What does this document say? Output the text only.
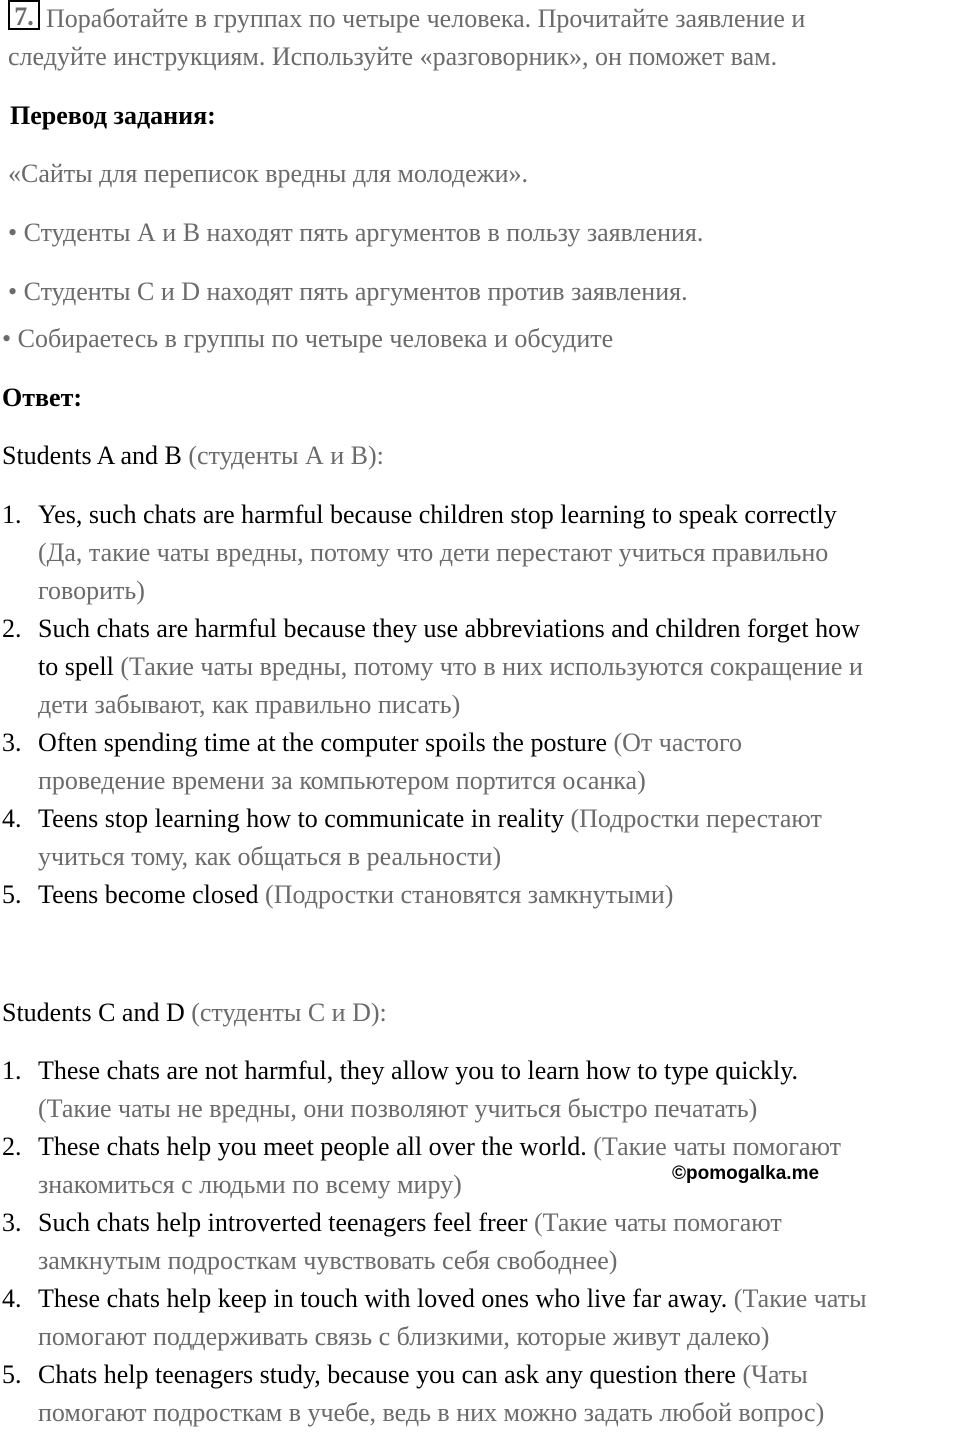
7. Поработайте в группах по четыре человека. Прочитайте заявление и
следуйте инструкциям. Используйте «разговорник», он поможет вам.
Перевод задания:
«Сайты для переписок вредны для молодежи».
• Студенты А и В находят пять аргументов в пользу заявления.
• Студенты С и D находят пять аргументов против заявления.
• Собираетесь в группы по четыре человека и обсудите
Ответ:
Students A and B (студенты А и В):
1. Yes, such chats are harmful because children stop learning to speak correctly
(Да, такие чаты вредны, потому что дети перестают учиться правильно
говорить)
2. Such chats are harmful because they use abbreviations and children forget how
to spell (Такие чаты вредны, потому что в них используются сокращение и
дети забывают, как правильно писать)
3. Often spending time at the computer spoils the posture (От частого
проведение времени за компьютером портится осанка)
4. Teens stop learning how to communicate in reality (Подростки перестают
учиться тому, как общаться в реальности)
5. Teens become closed (Подростки становятся замкнутыми)
Students C and D (студенты С и D):
1. These chats are not harmful, they allow you to learn how to type quickly.
(Такие чаты не вредны, они позволяют учиться быстро печатать)
2. These chats help you meet people all over the world. (Такие чаты помогают
знакомиться с людьми по всему миру)
3. Such chats help introverted teenagers feel freer (Такие чаты помогают
замкнутым подросткам чувствовать себя свободнее)
4. These chats help keep in touch with loved ones who live far away. (Такие чаты
помогают поддерживать связь с близкими, которые живут далеко)
5. Chats help teenagers study, because you can ask any question there (Чаты
помогают подросткам в учебе, ведь в них можно задать любой вопрос)
©pomogalka.me
